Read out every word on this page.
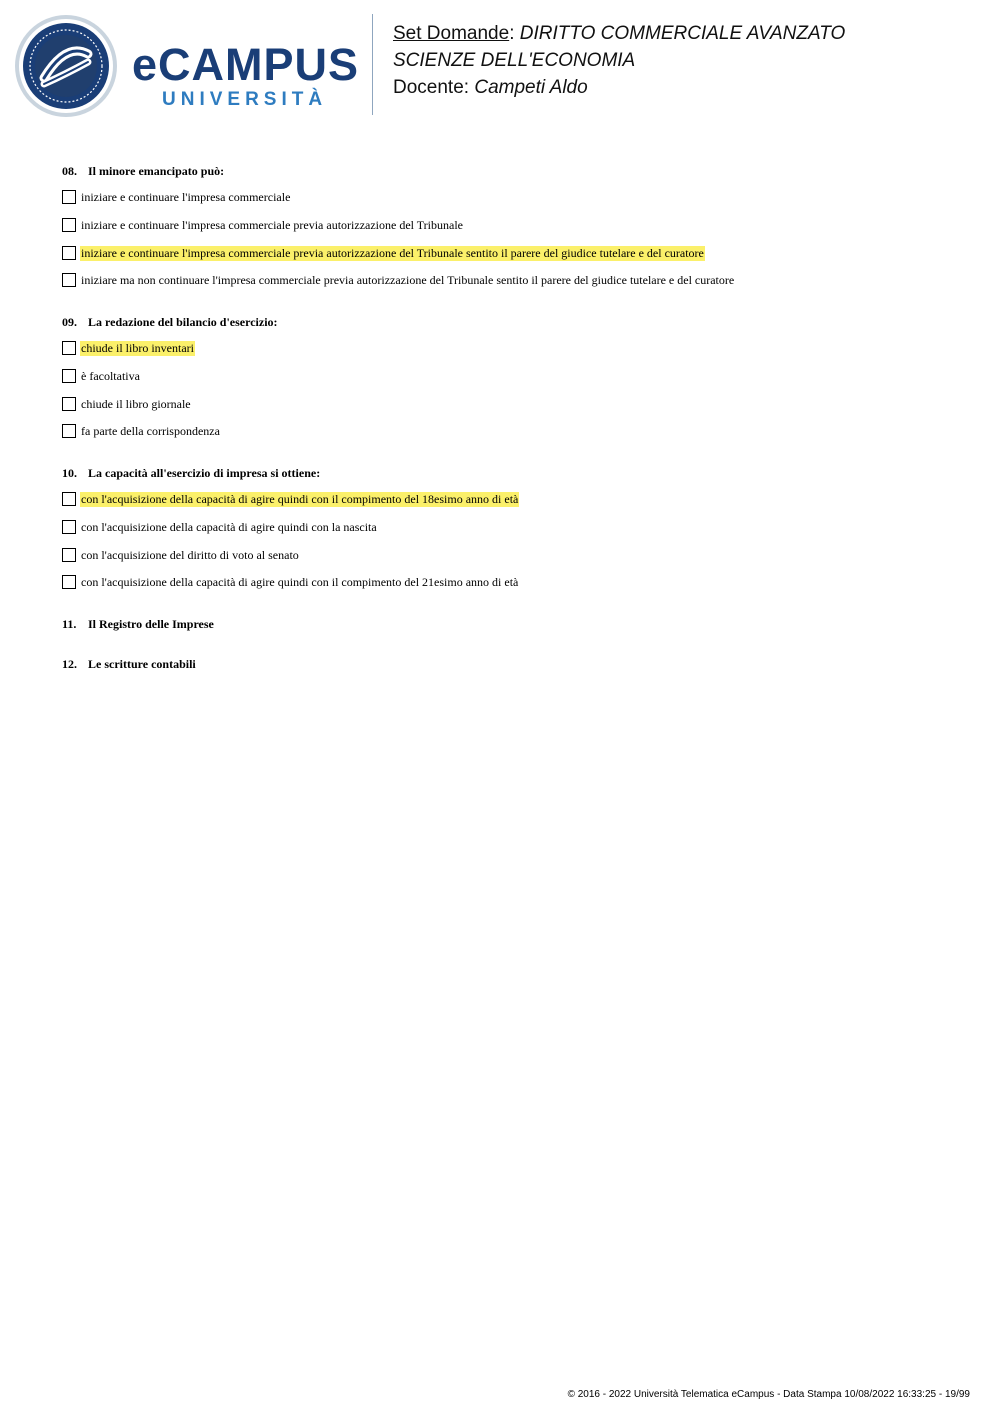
eCAMPUS
UNIVERSITÀ
Set Domande: DIRITTO COMMERCIALE AVANZATO
SCIENZE DELL'ECONOMIA
Docente: Campeti Aldo
08. Il minore emancipato può:
iniziare e continuare l'impresa commerciale
iniziare e continuare l'impresa commerciale previa autorizzazione del Tribunale
iniziare e continuare l'impresa commerciale previa autorizzazione del Tribunale sentito il parere del giudice tutelare e del curatore
iniziare ma non continuare l'impresa commerciale previa autorizzazione del Tribunale sentito il parere del giudice tutelare e del curatore
09. La redazione del bilancio d'esercizio:
chiude il libro inventari
è facoltativa
chiude il libro giornale
fa parte della corrispondenza
10. La capacità all'esercizio di impresa si ottiene:
con l'acquisizione della capacità di agire quindi con il compimento del 18esimo anno di età
con l'acquisizione della capacità di agire quindi con la nascita
con l'acquisizione del diritto di voto al senato
con l'acquisizione della capacità di agire quindi con il compimento del 21esimo anno di età
11. Il Registro delle Imprese
12. Le scritture contabili
© 2016 - 2022 Università Telematica eCampus - Data Stampa 10/08/2022 16:33:25 - 19/99
